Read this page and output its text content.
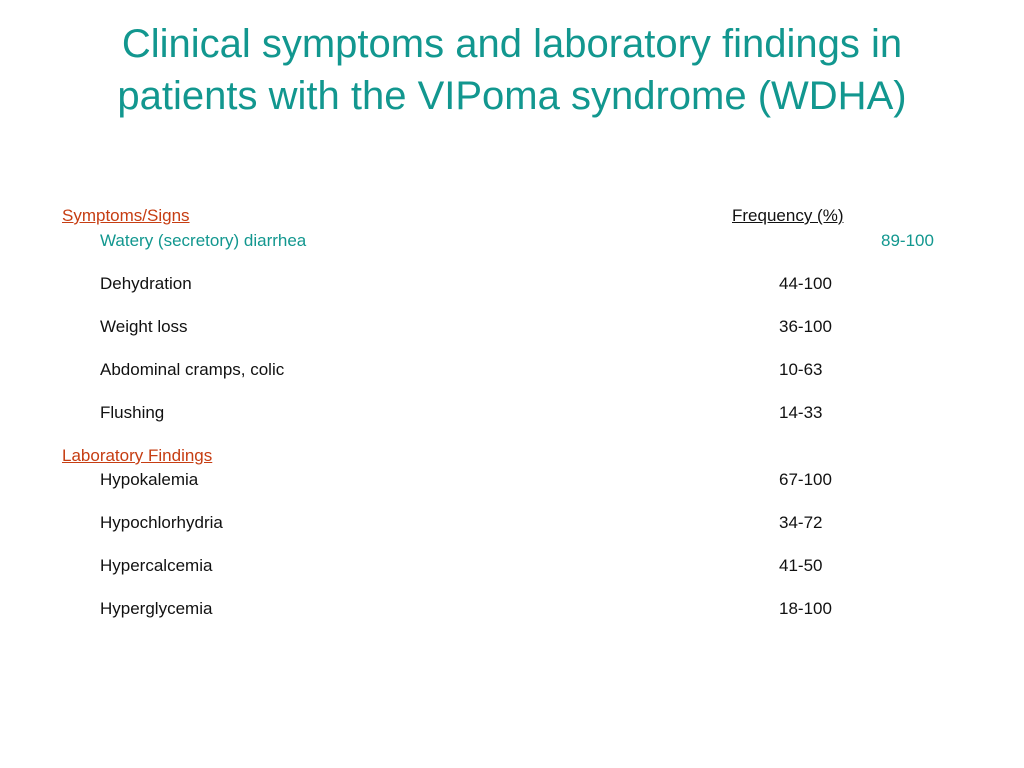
Clinical symptoms and laboratory findings in
patients with the VIPoma syndrome (WDHA)
Symptoms/Signs	Frequency (%)
Watery (secretory) diarrhea	89-100
Dehydration	44-100
Weight loss	36-100
Abdominal cramps, colic	10-63
Flushing	14-33
Laboratory Findings
Hypokalemia	67-100
Hypochlorhydria	34-72
Hypercalcemia	41-50
Hyperglycemia	18-100
